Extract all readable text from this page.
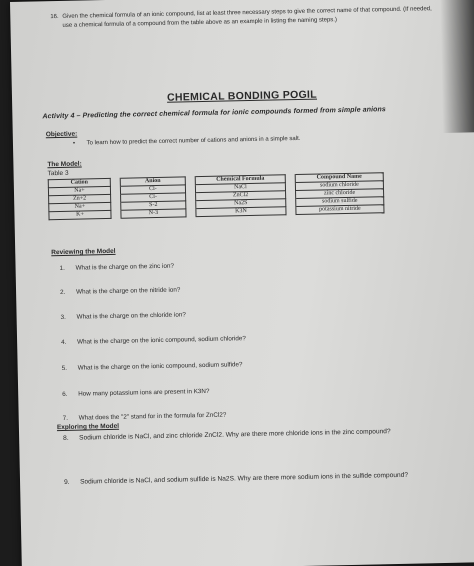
16. Given the chemical formula of an ionic compound, list at least three necessary steps to give the correct name of that compound. (If needed, use a chemical formula of a compound from the table above as an example in listing the naming steps.)
CHEMICAL BONDING POGIL
Activity 4 – Predicting the correct chemical formula for ionic compounds formed from simple anions
Objective:
• To learn how to predict the correct number of cations and anions in a simple salt.
The Model:
Table 3
Cation		Anion		Chemical Formula		Compound Name
Na+		Cl-		NaCl		sodium chloride
Zn+2		Cl-		ZnCl2		zinc chloride
Na+		S-2		Na2S		sodium sulfide
K+		N-3		K3N		potassium nitride
Reviewing the Model
1. What is the charge on the zinc ion?
2. What is the charge on the nitride ion?
3. What is the charge on the chloride ion?
4. What is the charge on the ionic compound, sodium chloride?
5. What is the charge on the ionic compound, sodium sulfide?
6. How many potassium ions are present in K3N?
7. What does the "2" stand for in the formula for ZnCl2?
Exploring the Model
8. Sodium chloride is NaCl, and zinc chloride ZnCl2. Why are there more chloride ions in the zinc compound?
9. Sodium chloride is NaCl, and sodium sulfide is Na2S. Why are there more sodium ions in the sulfide compound?
